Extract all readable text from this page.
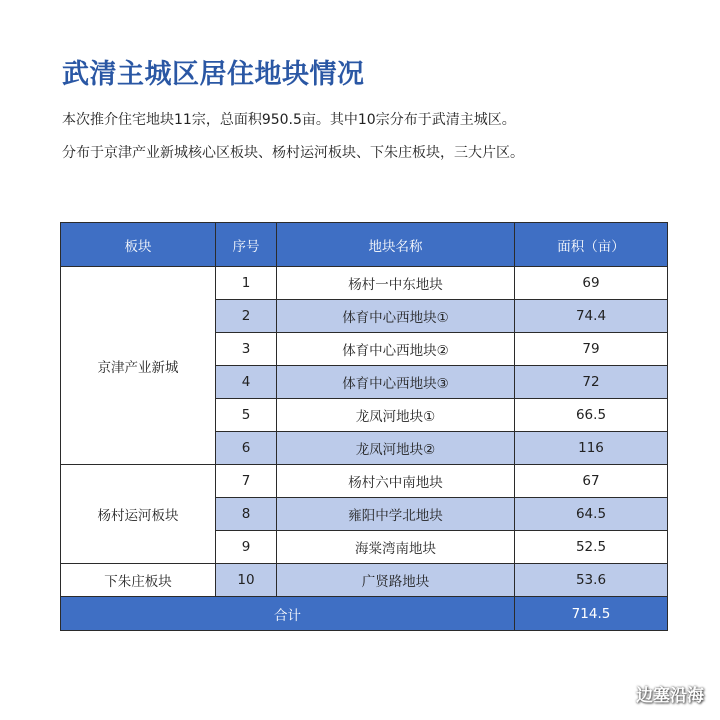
武清主城区居住地块情况
本次推介住宅地块11宗，总面积950.5亩。其中10宗分布于武清主城区。
分布于京津产业新城核心区板块、杨村运河板块、下朱庄板块，三大片区。
板块	序号	地块名称	面积（亩）
京津产业新城	1	杨村一中东地块	69
	2	体育中心西地块①	74.4
	3	体育中心西地块②	79
	4	体育中心西地块③	72
	5	龙凤河地块①	66.5
	6	龙凤河地块②	116
杨村运河板块	7	杨村六中南地块	67
	8	雍阳中学北地块	64.5
	9	海棠湾南地块	52.5
下朱庄板块	10	广贤路地块	53.6
合计			714.5
边塞沿海
